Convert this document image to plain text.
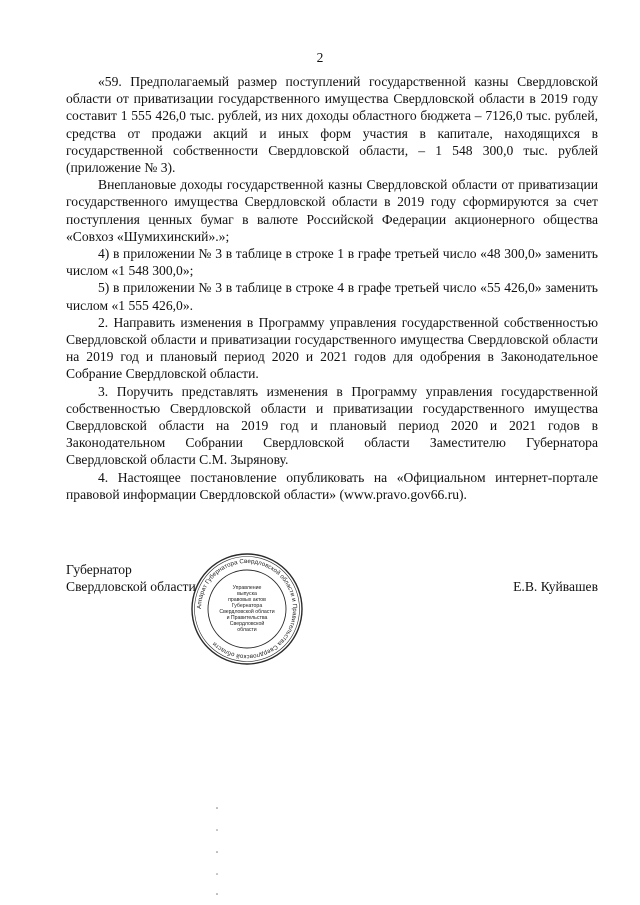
2

«59. Предполагаемый размер поступлений государственной казны Свердловской области от приватизации государственного имущества Свердловской области в 2019 году составит 1 555 426,0 тыс. рублей, из них доходы областного бюджета – 7126,0 тыс. рублей, средства от продажи акций и иных форм участия в капитале, находящихся в государственной собственности Свердловской области, – 1 548 300,0 тыс. рублей (приложение № 3).

Внеплановые доходы государственной казны Свердловской области от приватизации государственного имущества Свердловской области в 2019 году сформируются за счет поступления ценных бумаг в валюте Российской Федерации акционерного общества «Совхоз «Шумихинский».»;

4) в приложении № 3 в таблице в строке 1 в графе третьей число «48 300,0» заменить числом «1 548 300,0»;

5) в приложении № 3 в таблице в строке 4 в графе третьей число «55 426,0» заменить числом «1 555 426,0».

2. Направить изменения в Программу управления государственной собственностью Свердловской области и приватизации государственного имущества Свердловской области на 2019 год и плановый период 2020 и 2021 годов для одобрения в Законодательное Собрание Свердловской области.

3. Поручить представлять изменения в Программу управления государственной собственностью Свердловской области и приватизации государственного имущества Свердловской области на 2019 год и плановый период 2020 и 2021 годов в Законодательном Собрании Свердловской области Заместителю Губернатора Свердловской области С.М. Зырянову.

4. Настоящее постановление опубликовать на «Официальном интернет-портале правовой информации Свердловской области» (www.pravo.gov66.ru).

Губернатор
Свердловской области
Аппарат Губернатора Свердловской области и Правительства Свердловской области
Управление
выпуска
правовых актов
Губернатора
Свердловской области
и Правительства
Свердловской
области
Е.В. Куйвашев
